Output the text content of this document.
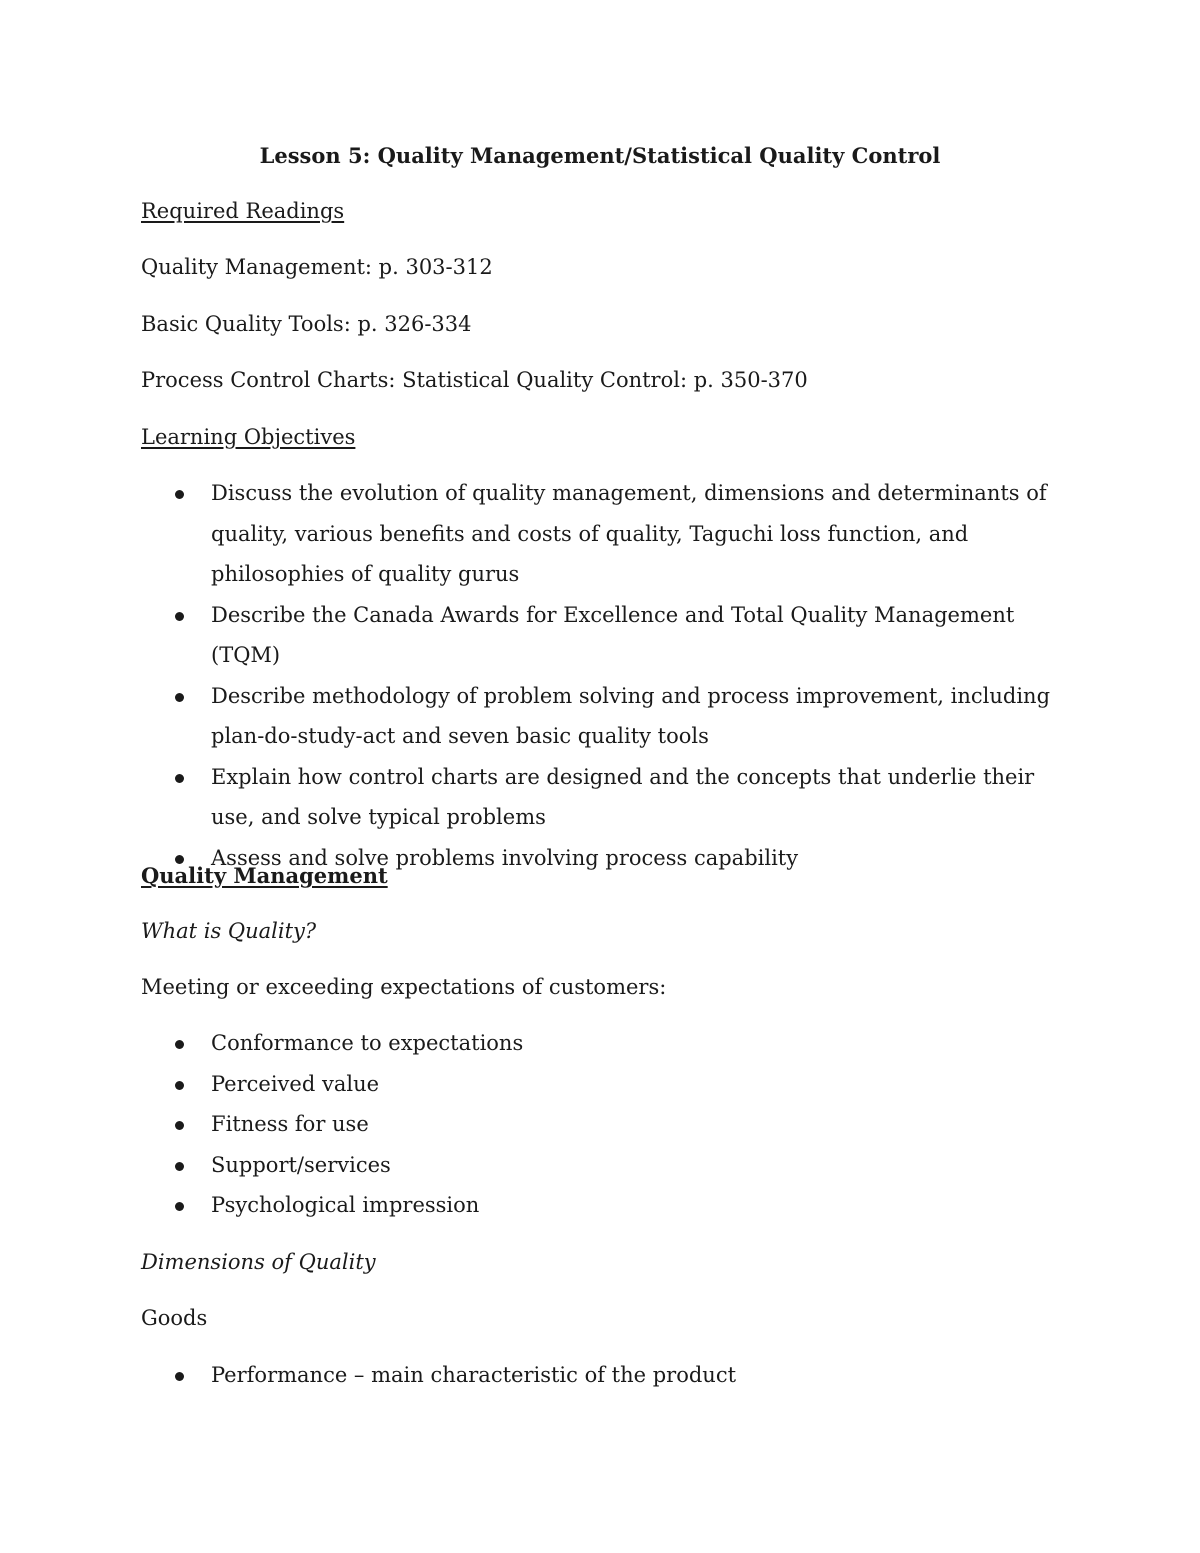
Lesson 5: Quality Management/Statistical Quality Control
Required Readings
Quality Management: p. 303-312
Basic Quality Tools: p. 326-334
Process Control Charts: Statistical Quality Control: p. 350-370
Learning Objectives
Discuss the evolution of quality management, dimensions and determinants of quality, various benefits and costs of quality, Taguchi loss function, and philosophies of quality gurus
Describe the Canada Awards for Excellence and Total Quality Management (TQM)
Describe methodology of problem solving and process improvement, including plan-do-study-act and seven basic quality tools
Explain how control charts are designed and the concepts that underlie their use, and solve typical problems
Assess and solve problems involving process capability
Quality Management
What is Quality?
Meeting or exceeding expectations of customers:
Conformance to expectations
Perceived value
Fitness for use
Support/services
Psychological impression
Dimensions of Quality
Goods
Performance – main characteristic of the product
